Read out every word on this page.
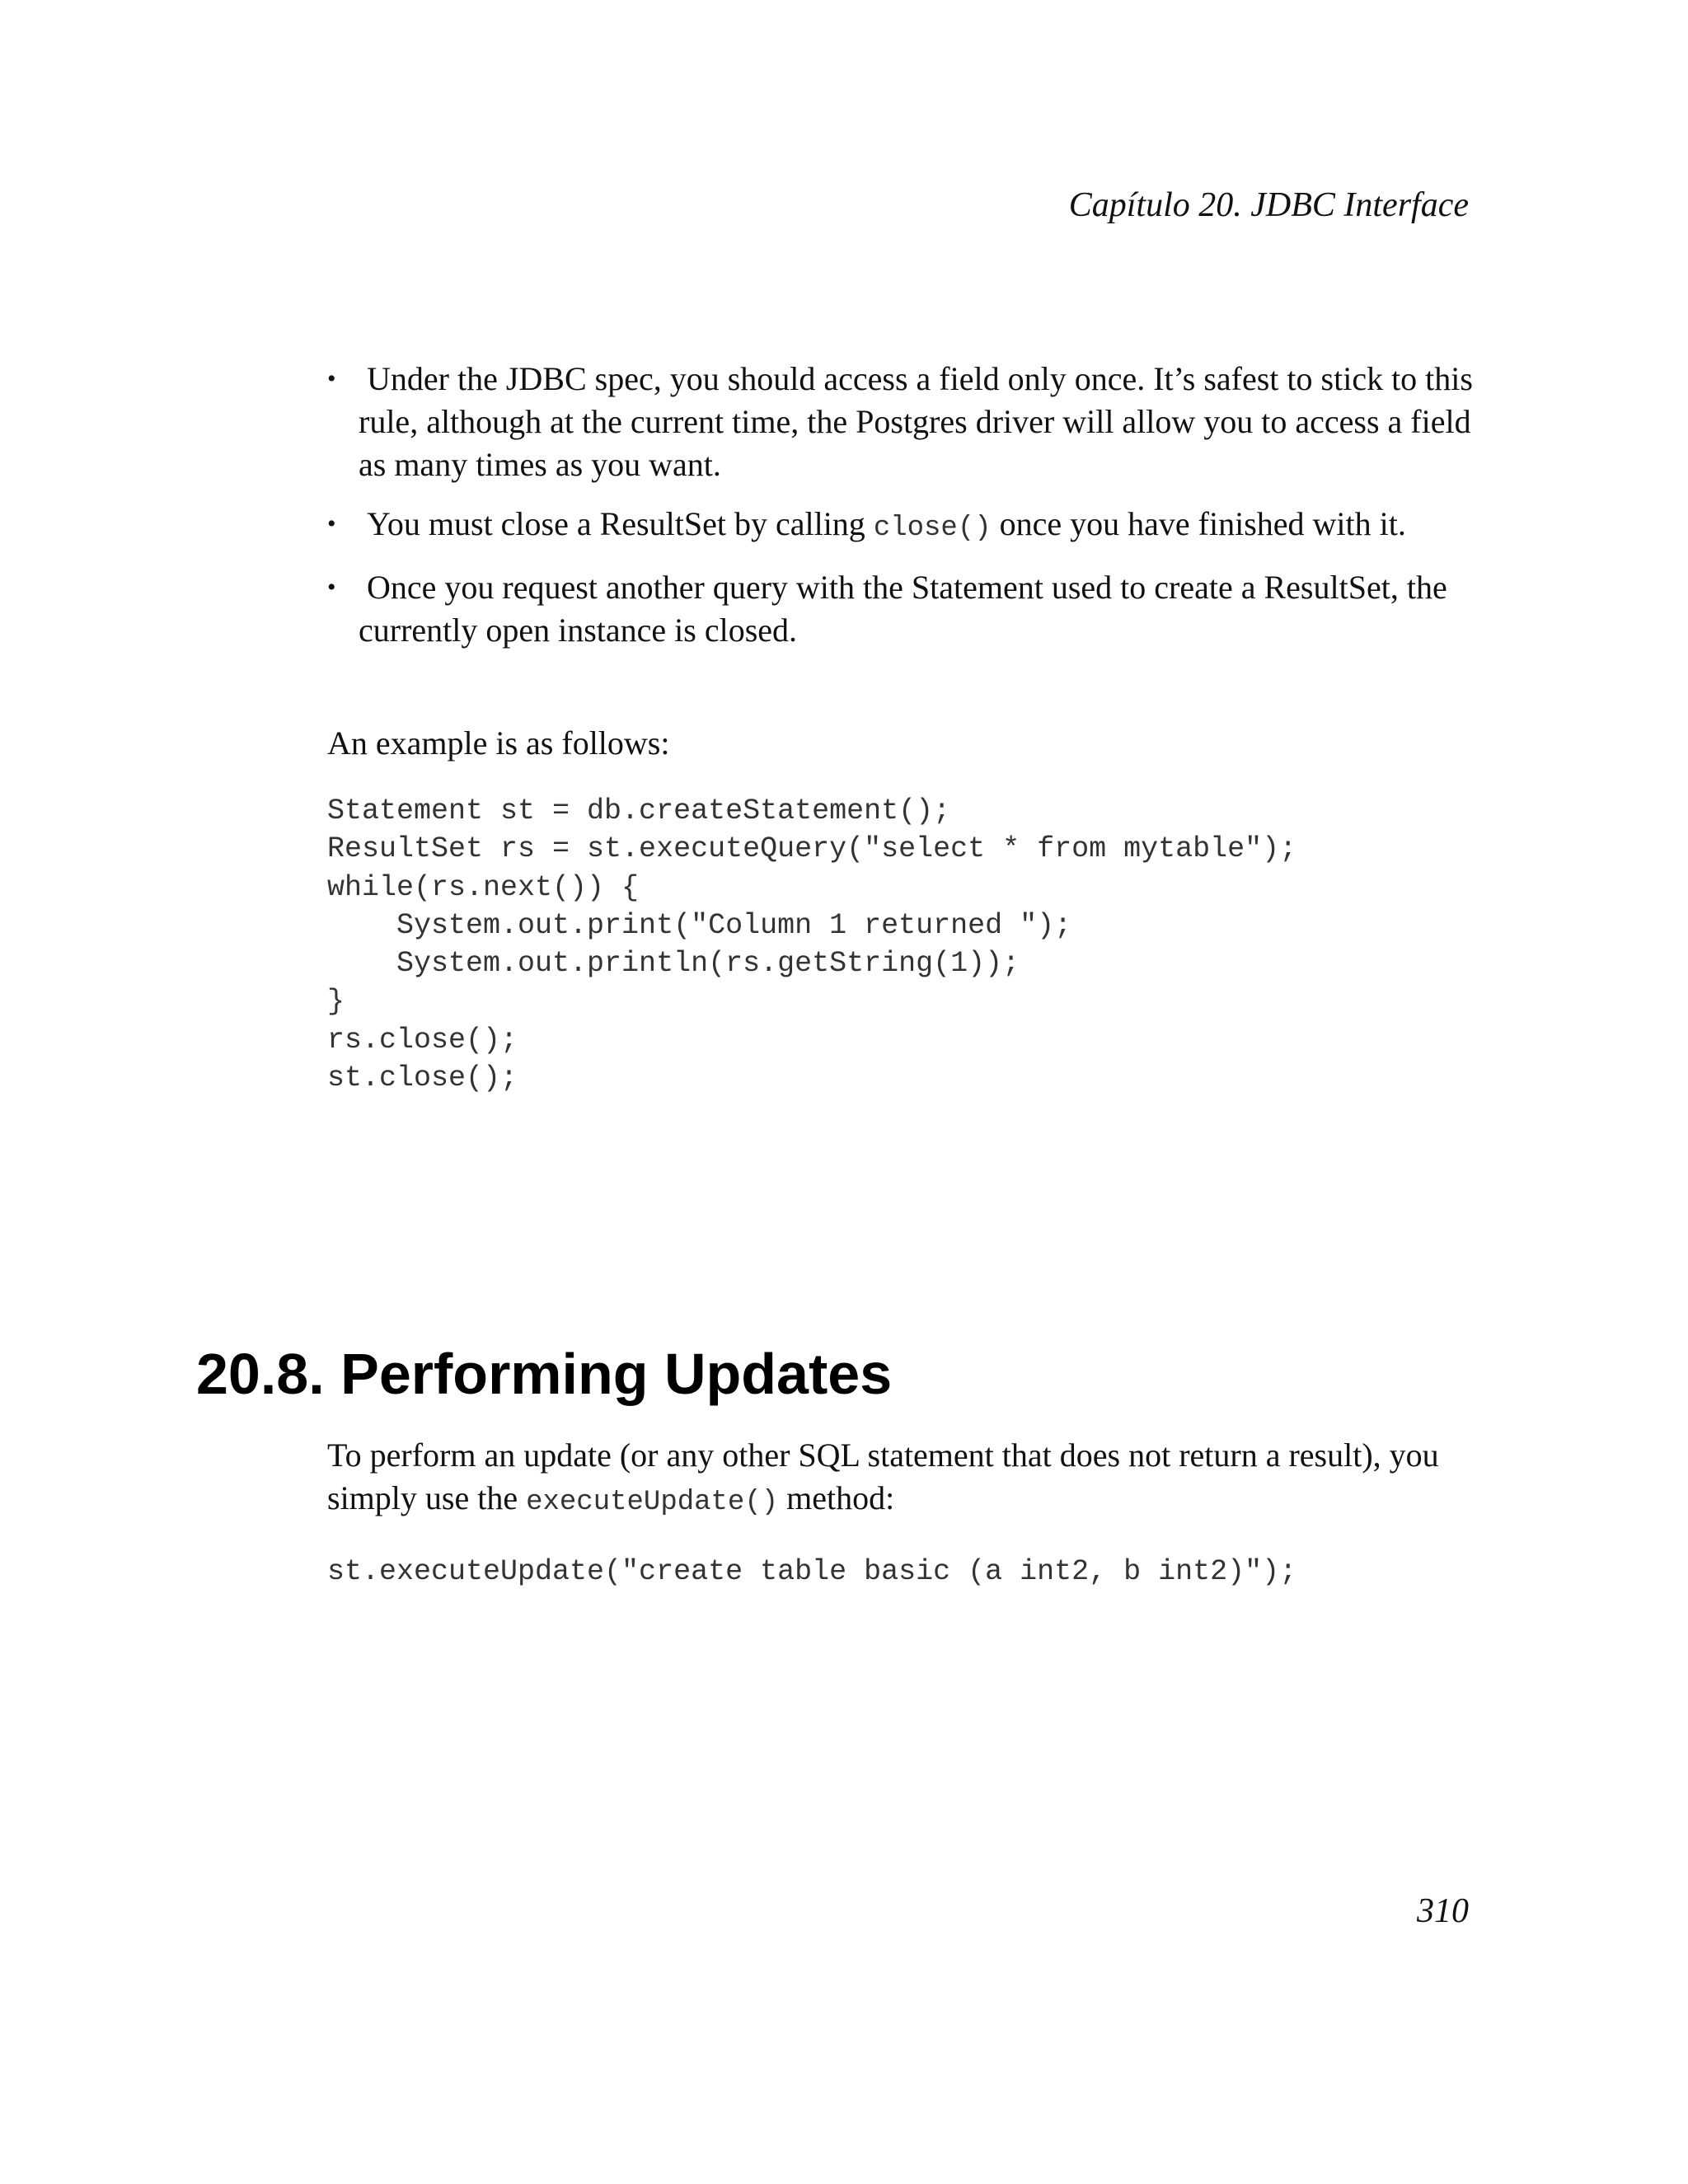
Capítulo 20. JDBC Interface
• Under the JDBC spec, you should access a field only once. It’s safest to stick to this rule, although at the current time, the Postgres driver will allow you to access a field as many times as you want.
• You must close a ResultSet by calling close() once you have finished with it.
• Once you request another query with the Statement used to create a ResultSet, the currently open instance is closed.
An example is as follows:
Statement st = db.createStatement();
ResultSet rs = st.executeQuery("select * from mytable");
while(rs.next()) {
System.out.print("Column 1 returned ");
System.out.println(rs.getString(1));
}
rs.close();
st.close();
20.8. Performing Updates

To perform an update (or any other SQL statement that does not return a result), you simply use the executeUpdate() method:

st.executeUpdate("create table basic (a int2, b int2)");
310
